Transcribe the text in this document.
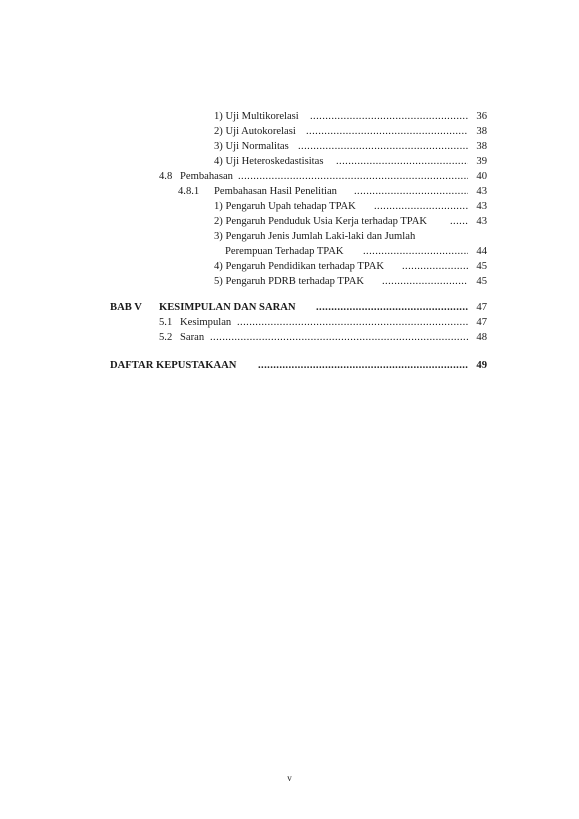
1) Uji Multikorelasi .....	36
2) Uji Autokorelasi .....	38
3) Uji Normalitas .....	38
4) Uji Heteroskedastisitas .....	39
4.8 Pembahasan .....	40
4.8.1 Pembahasan Hasil Penelitian .....	43
1) Pengaruh Upah tehadap TPAK .....	43
2) Pengaruh Penduduk Usia Kerja terhadap TPAK .....	43
3) Pengaruh Jenis Jumlah Laki-laki dan Jumlah
Perempuan Terhadap TPAK .....	44
4) Pengaruh Pendidikan terhadap TPAK .....	45
5) Pengaruh PDRB terhadap TPAK .....	45
BAB V KESIMPULAN DAN SARAN .....	47
5.1 Kesimpulan .....	47
5.2 Saran .....	48
DAFTAR KEPUSTAKAAN .....	49
v
